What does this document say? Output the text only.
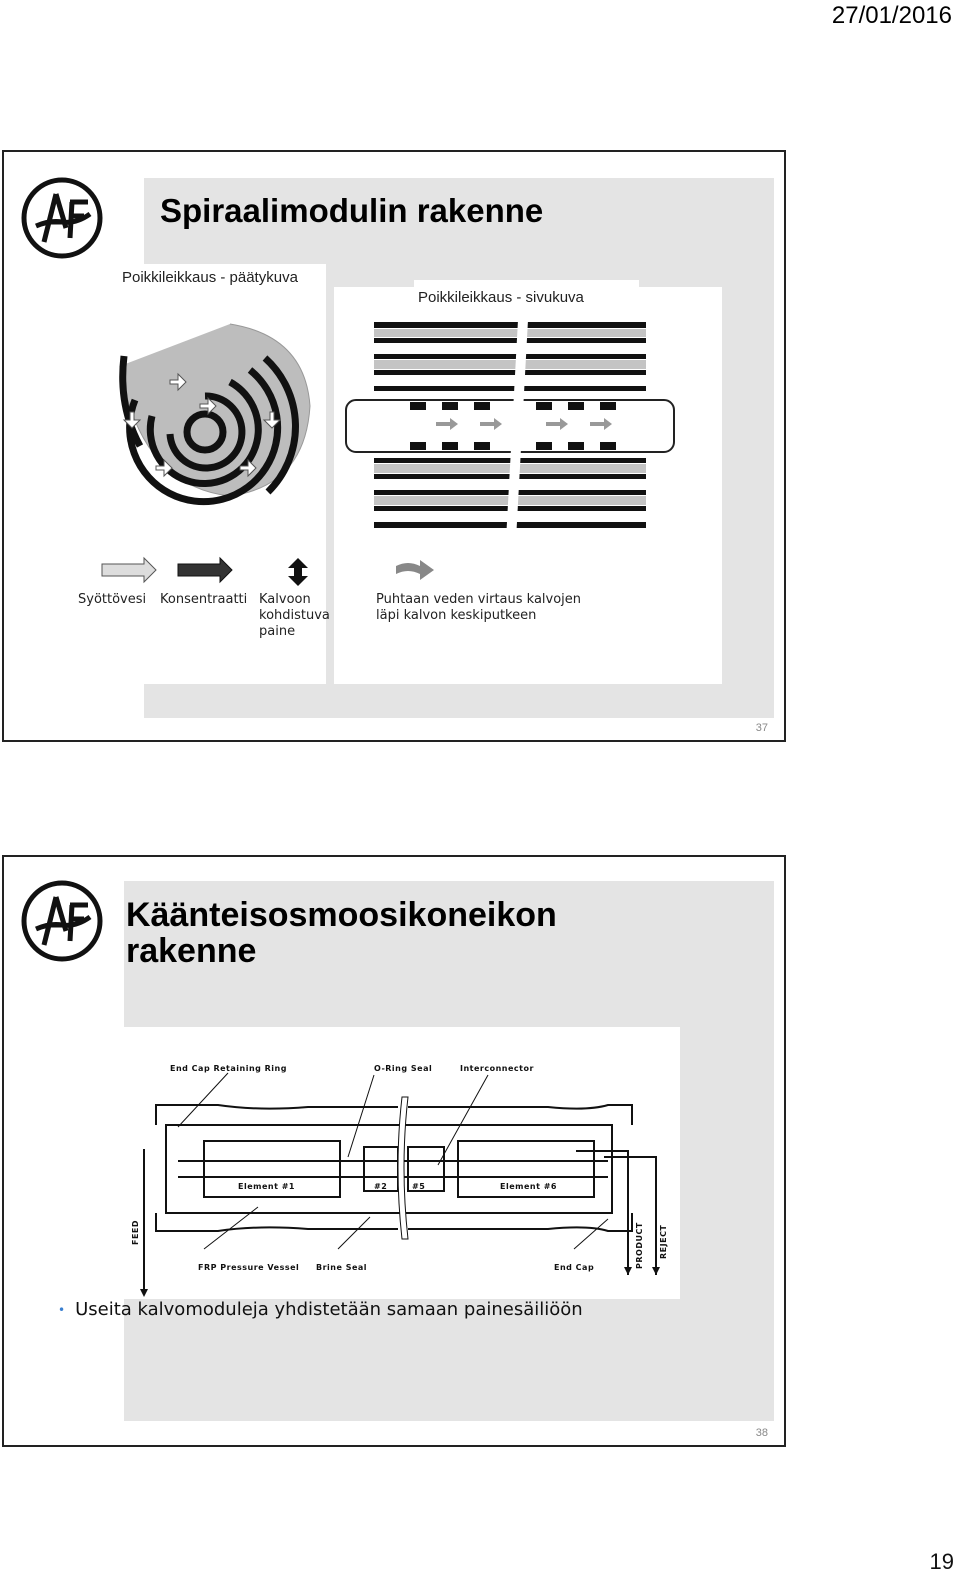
27/01/2016
Spiraalimodulin rakenne
Poikkileikkaus - päätykuva
Poikkileikkaus - sivukuva
Syöttövesi Konsentraatti Kalvoon kohdistuva paine
Puhtaan veden virtaus kalvojen läpi kalvon keskiputkeen
37
Käänteisosmoosikoneikon rakenne
End Cap Retaining Ring	O-Ring Seal	Interconnector
Element #1	#2	#5	Element #6
FRP Pressure Vessel Brine Seal	End Cap
FEED	PRODUCT REJECT
• Useita kalvomoduleja yhdistetään samaan painesäiliöön
38
19
